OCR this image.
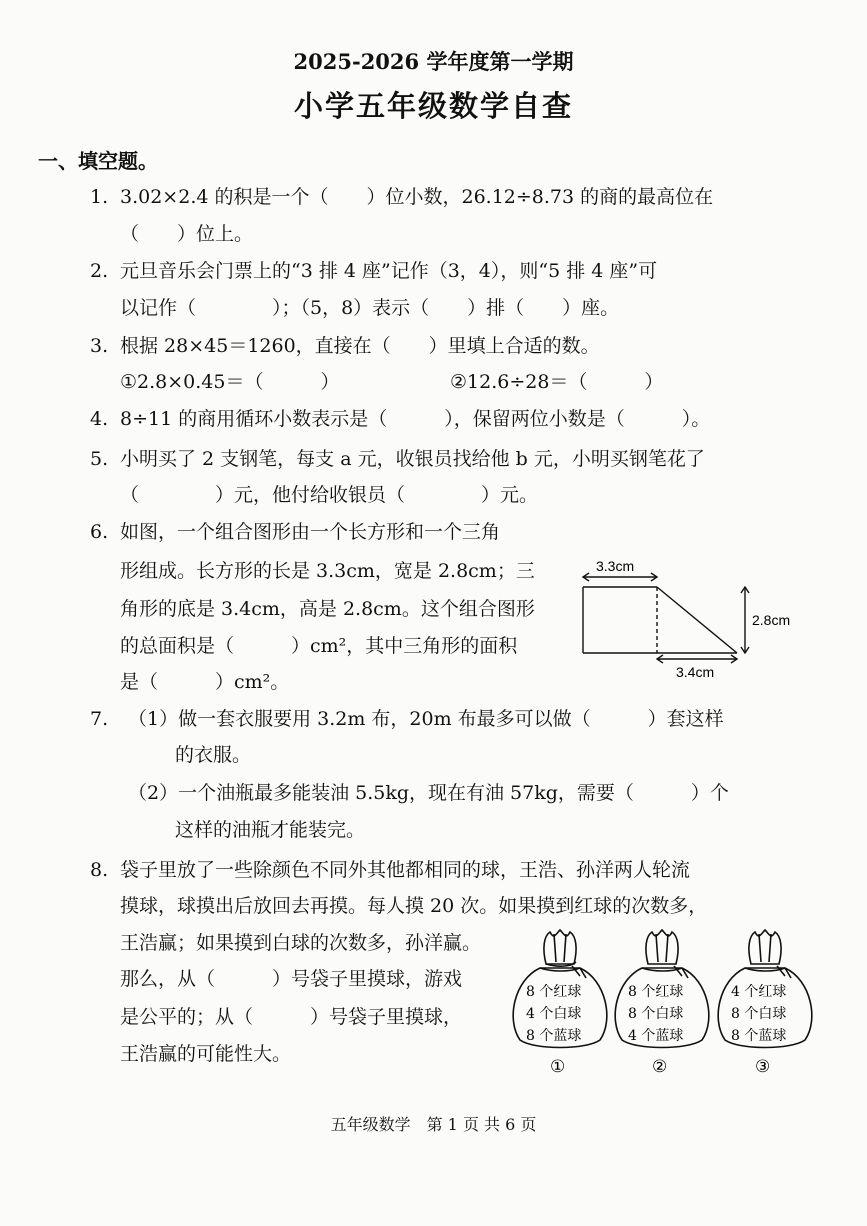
2025-2026 学年度第一学期
小学五年级数学自查
一、填空题。
1. 3.02×2.4 的积是一个（　　）位小数，26.12÷8.73 的商的最高位在
（　　）位上。
2. 元旦音乐会门票上的“3 排 4 座”记作（3，4），则“5 排 4 座”可
以记作（　　　　）；（5，8）表示（　　）排（　　）座。
3. 根据 28×45＝1260，直接在（　　）里填上合适的数。
①2.8×0.45＝（　　　）	②12.6÷28＝（　　　）
4. 8÷11 的商用循环小数表示是（　　　），保留两位小数是（　　　）。
5. 小明买了 2 支钢笔，每支 a 元，收银员找给他 b 元，小明买钢笔花了
（　　　　）元，他付给收银员（　　　　）元。
6. 如图，一个组合图形由一个长方形和一个三角
形组成。长方形的长是 3.3cm，宽是 2.8cm；三
角形的底是 3.4cm，高是 2.8cm。这个组合图形
的总面积是（　　　）cm²，其中三角形的面积
是（　　　）cm²。
3.3cm
2.8cm
3.4cm
7. （1）做一套衣服要用 3.2m 布，20m 布最多可以做（　　　）套这样
的衣服。
（2）一个油瓶最多能装油 5.5kg，现在有油 57kg，需要（　　　）个
这样的油瓶才能装完。
8. 袋子里放了一些除颜色不同外其他都相同的球，王浩、孙洋两人轮流
摸球，球摸出后放回去再摸。每人摸 20 次。如果摸到红球的次数多，
王浩赢；如果摸到白球的次数多，孙洋赢。
那么，从（　　　）号袋子里摸球，游戏
是公平的；从（　　　）号袋子里摸球，
王浩赢的可能性大。
8 个红球
4 个白球
8 个蓝球
①
8 个红球
8 个白球
4 个蓝球
②
4 个红球
8 个白球
8 个蓝球
③
五年级数学　第 1 页 共 6 页
